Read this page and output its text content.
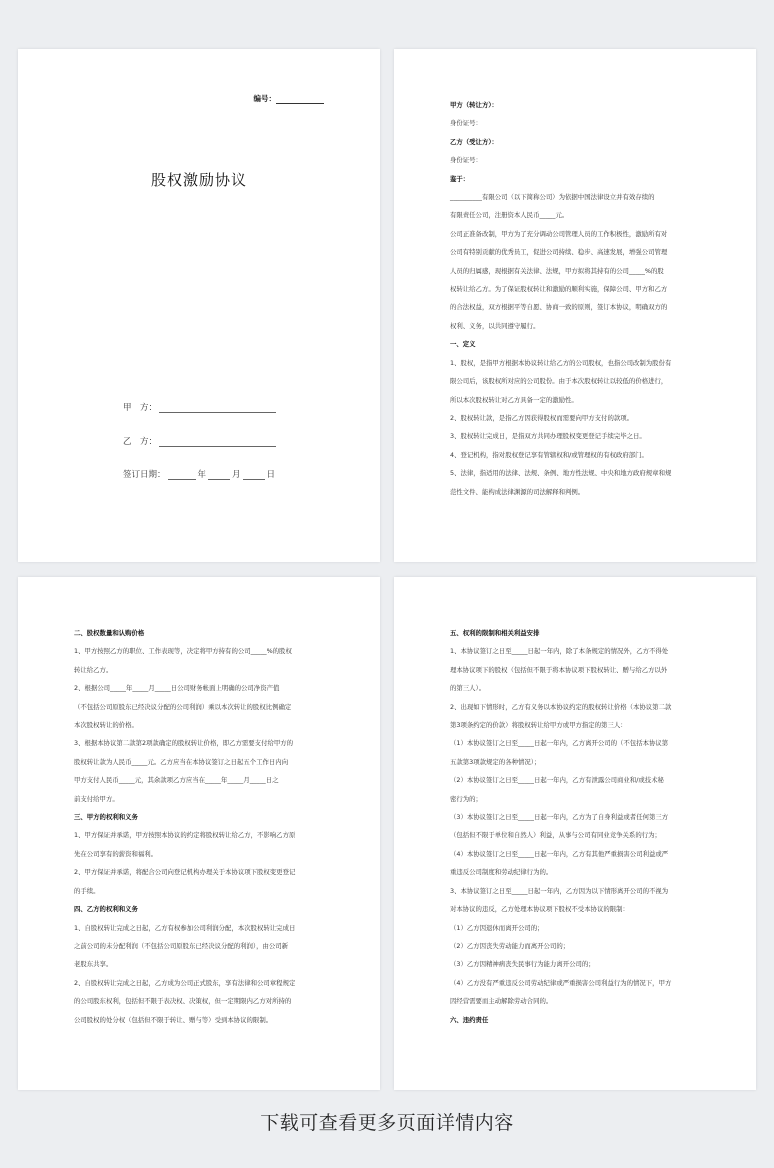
编号：
股权激励协议
甲　方：
乙　方：
签订日期：	年	月	日

甲方（转让方）：

身份证号：

乙方（受让方）：

身份证号：

鉴于：

__________有限公司（以下简称公司）为依据中国法律设立并有效存续的

有限责任公司，注册资本人民币_____元。

公司正准备改制，甲方为了充分调动公司管理人员的工作积极性，激励所有对

公司有特别贡献的优秀员工，促进公司持续、稳步、高速发展，增强公司管理

人员的归属感，现根据有关法律、法规，甲方拟将其持有的公司_____%的股

权转让给乙方。为了保证股权转让和激励的顺利实施，保障公司、甲方和乙方

的合法权益，双方根据平等自愿、协商一致的原则，签订本协议，明确双方的

权利、义务，以共同遵守履行。

一、定义

1、股权，是指甲方根据本协议转让给乙方的公司股权，也指公司改制为股份有

限公司后，该股权所对应的公司股份。由于本次股权转让以较低的价格进行，

所以本次股权转让对乙方具备一定的激励性。

2、股权转让款，是指乙方因获得股权而需要向甲方支付的款项。

3、股权转让完成日，是指双方共同办理股权变更登记手续完毕之日。

4、登记机构，指对股权登记享有管辖权和/或管理权的有权政府部门。

5、法律，指适用的法律、法规、条例、地方性法规、中央和地方政府规章和规

范性文件、能构成法律渊源的司法解释和判例。

二、股权数量和认购价格

1、甲方按照乙方的职位、工作表现等，决定将甲方持有的公司_____%的股权

转让给乙方。

2、根据公司_____年_____月_____日公司财务帐面上明确的公司净资产值

（不包括公司原股东已经决议分配的公司利润）乘以本次转让的股权比例确定

本次股权转让的价格。

3、根据本协议第二款第2项款确定的股权转让价格，即乙方需要支付给甲方的

股权转让款为人民币_____元。乙方应当在本协议签订之日起五个工作日内向

甲方支付人民币_____元，其余款项乙方应当在_____年_____月_____日之

前支付给甲方。

三、甲方的权利和义务

1、甲方保证并承诺，甲方按照本协议的约定将股权转让给乙方，不影响乙方原

先在公司享有的薪资和福利。

2、甲方保证并承诺，将配合公司向登记机构办理关于本协议项下股权变更登记

的手续。

四、乙方的权利和义务

1、自股权转让完成之日起，乙方有权参加公司利润分配，本次股权转让完成日

之前公司的未分配利润（不包括公司原股东已经决议分配的利润），由公司新

老股东共享。

2、自股权转让完成之日起，乙方成为公司正式股东，享有法律和公司章程规定

的公司股东权利，包括但不限于表决权、决策权，但一定期限内乙方对所持的

公司股权的处分权（包括但不限于转让、赠与等）受到本协议的限制。

五、权利的限制和相关利益安排

1、本协议签订之日至_____日起一年内，除了本条规定的情况外，乙方不得处

理本协议项下的股权（包括但不限于将本协议项下股权转让、赠与给乙方以外

的第三人）。

2、出现如下情形时，乙方有义务以本协议约定的股权转让价格（本协议第二款

第3项条约定的价款）将股权转让给甲方或甲方指定的第三人：

（1）本协议签订之日至_____日起一年内，乙方离开公司的（不包括本协议第

五款第3项款规定的各种情况）；

（2）本协议签订之日至_____日起一年内，乙方有泄露公司商业和/或技术秘

密行为的；

（3）本协议签订之日至_____日起一年内，乙方为了自身利益或者任何第三方

（包括但不限于单位和自然人）利益，从事与公司有同业竞争关系的行为；

（4）本协议签订之日至_____日起一年内，乙方有其他严重损害公司利益或严

重违反公司制度和劳动纪律行为的。

3、本协议签订之日至_____日起一年内，乙方因为以下情形离开公司的不视为

对本协议的违反，乙方处理本协议项下股权不受本协议的限制：

（1）乙方因退休而离开公司的；

（2）乙方因丧失劳动能力而离开公司的；

（3）乙方因精神病丧失民事行为能力离开公司的；

（4）乙方没有严重违反公司劳动纪律或严重损害公司利益行为的情况下，甲方

因经营需要而主动解除劳动合同的。

六、违约责任

下载可查看更多页面详情内容
